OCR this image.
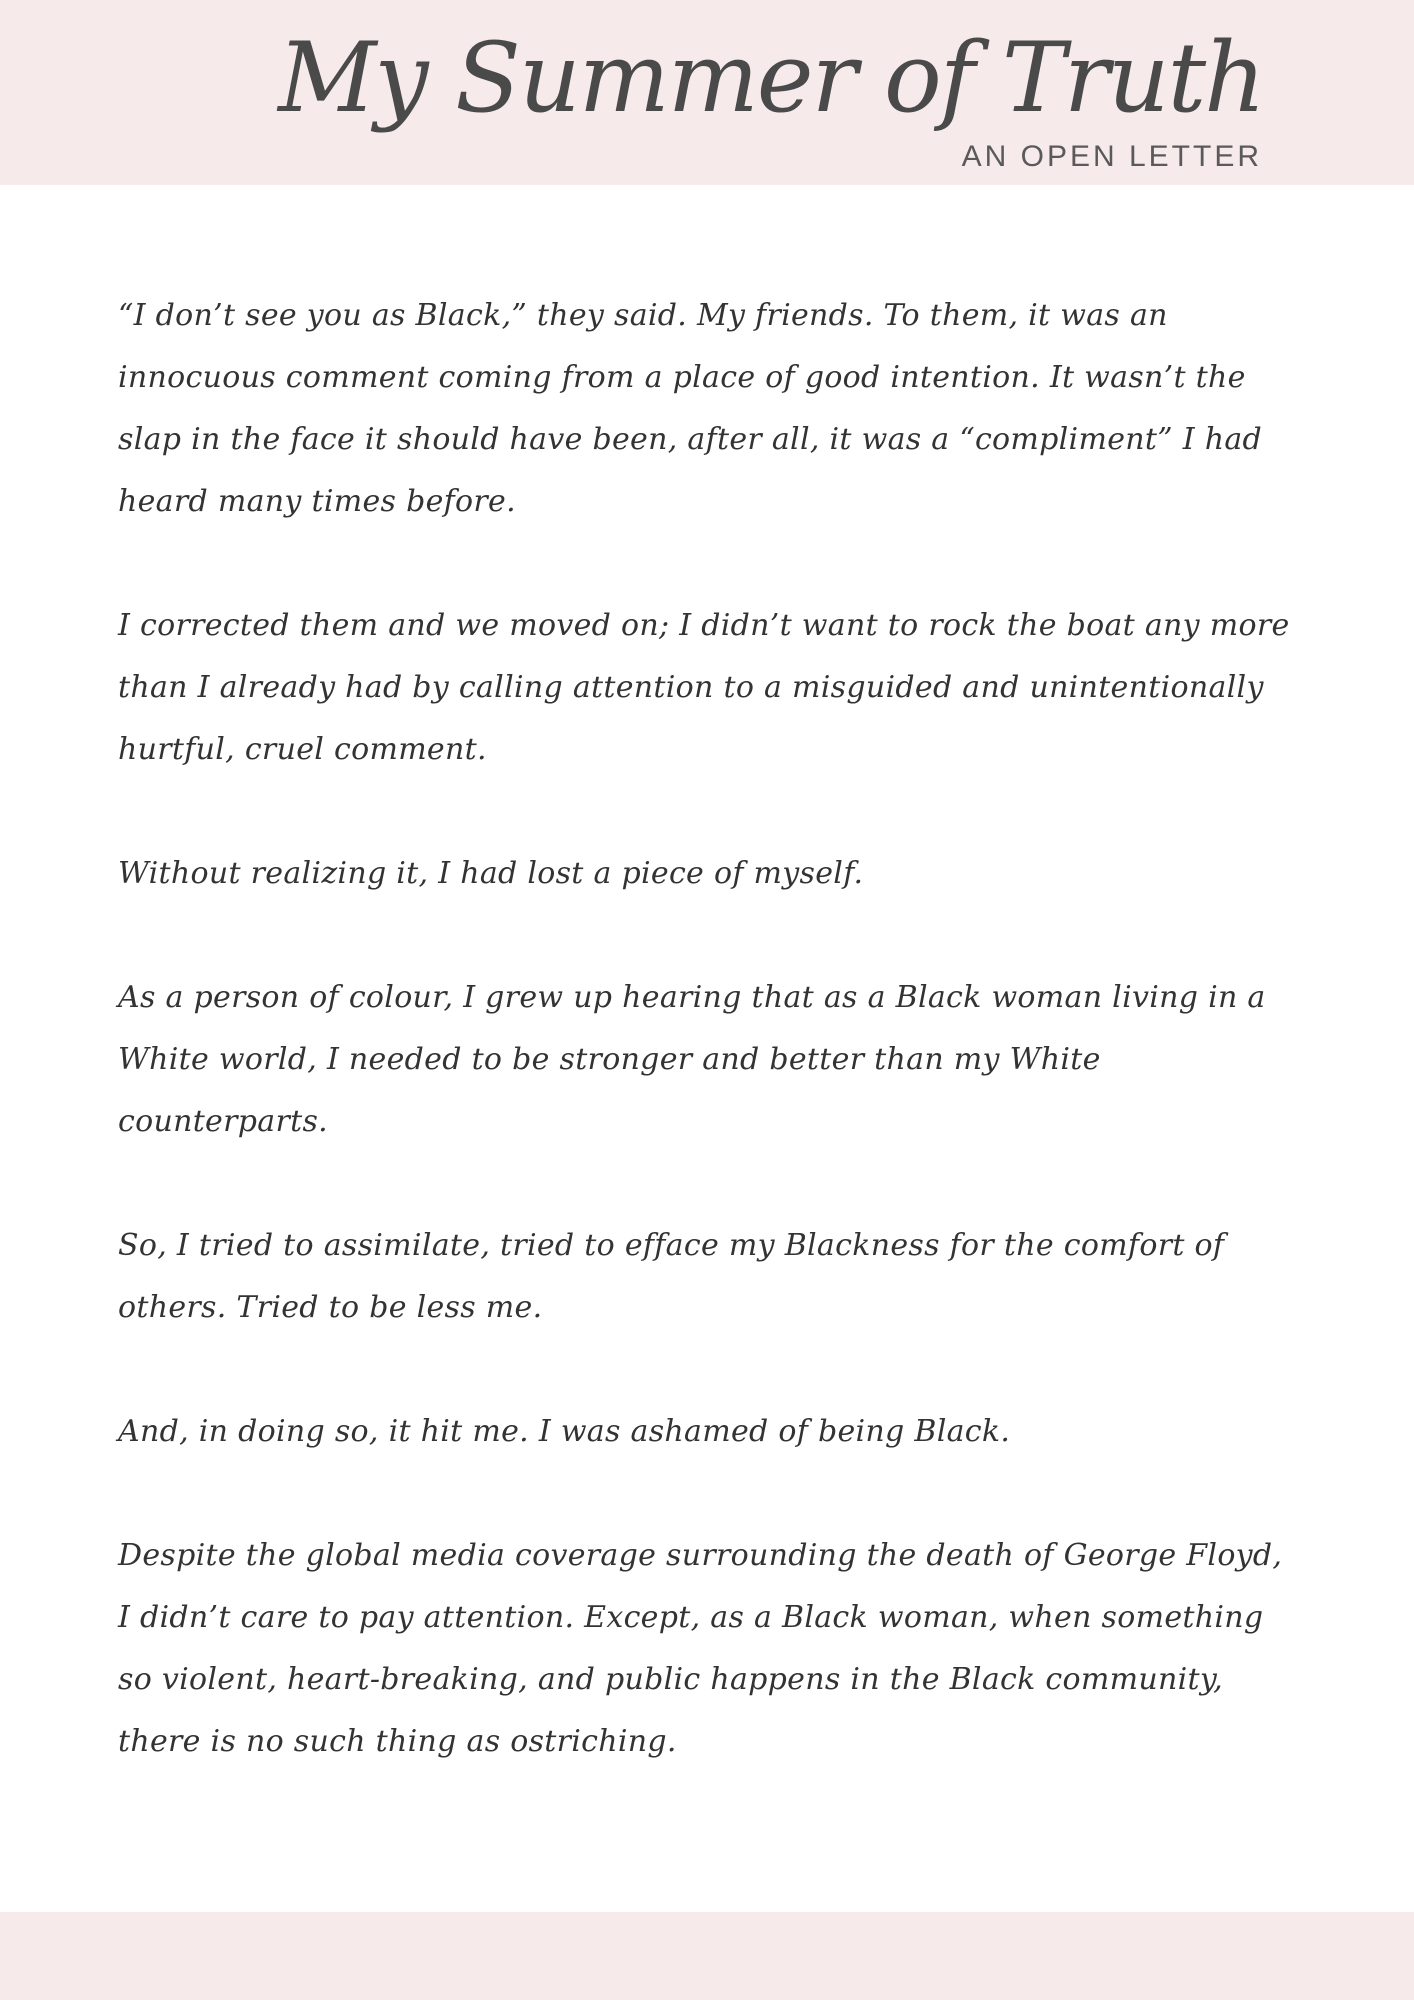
My Summer of Truth
AN OPEN LETTER

“I don’t see you as Black,” they said. My friends. To them, it was an innocuous comment coming from a place of good intention. It wasn’t the slap in the face it should have been, after all, it was a “compliment” I had heard many times before.

I corrected them and we moved on; I didn’t want to rock the boat any more than I already had by calling attention to a misguided and unintentionally hurtful, cruel comment.

Without realizing it, I had lost a piece of myself.

As a person of colour, I grew up hearing that as a Black woman living in a White world, I needed to be stronger and better than my White counterparts.

So, I tried to assimilate, tried to efface my Blackness for the comfort of others. Tried to be less me.

And, in doing so, it hit me. I was ashamed of being Black.

Despite the global media coverage surrounding the death of George Floyd, I didn’t care to pay attention. Except, as a Black woman, when something so violent, heart-breaking, and public happens in the Black community, there is no such thing as ostriching.
